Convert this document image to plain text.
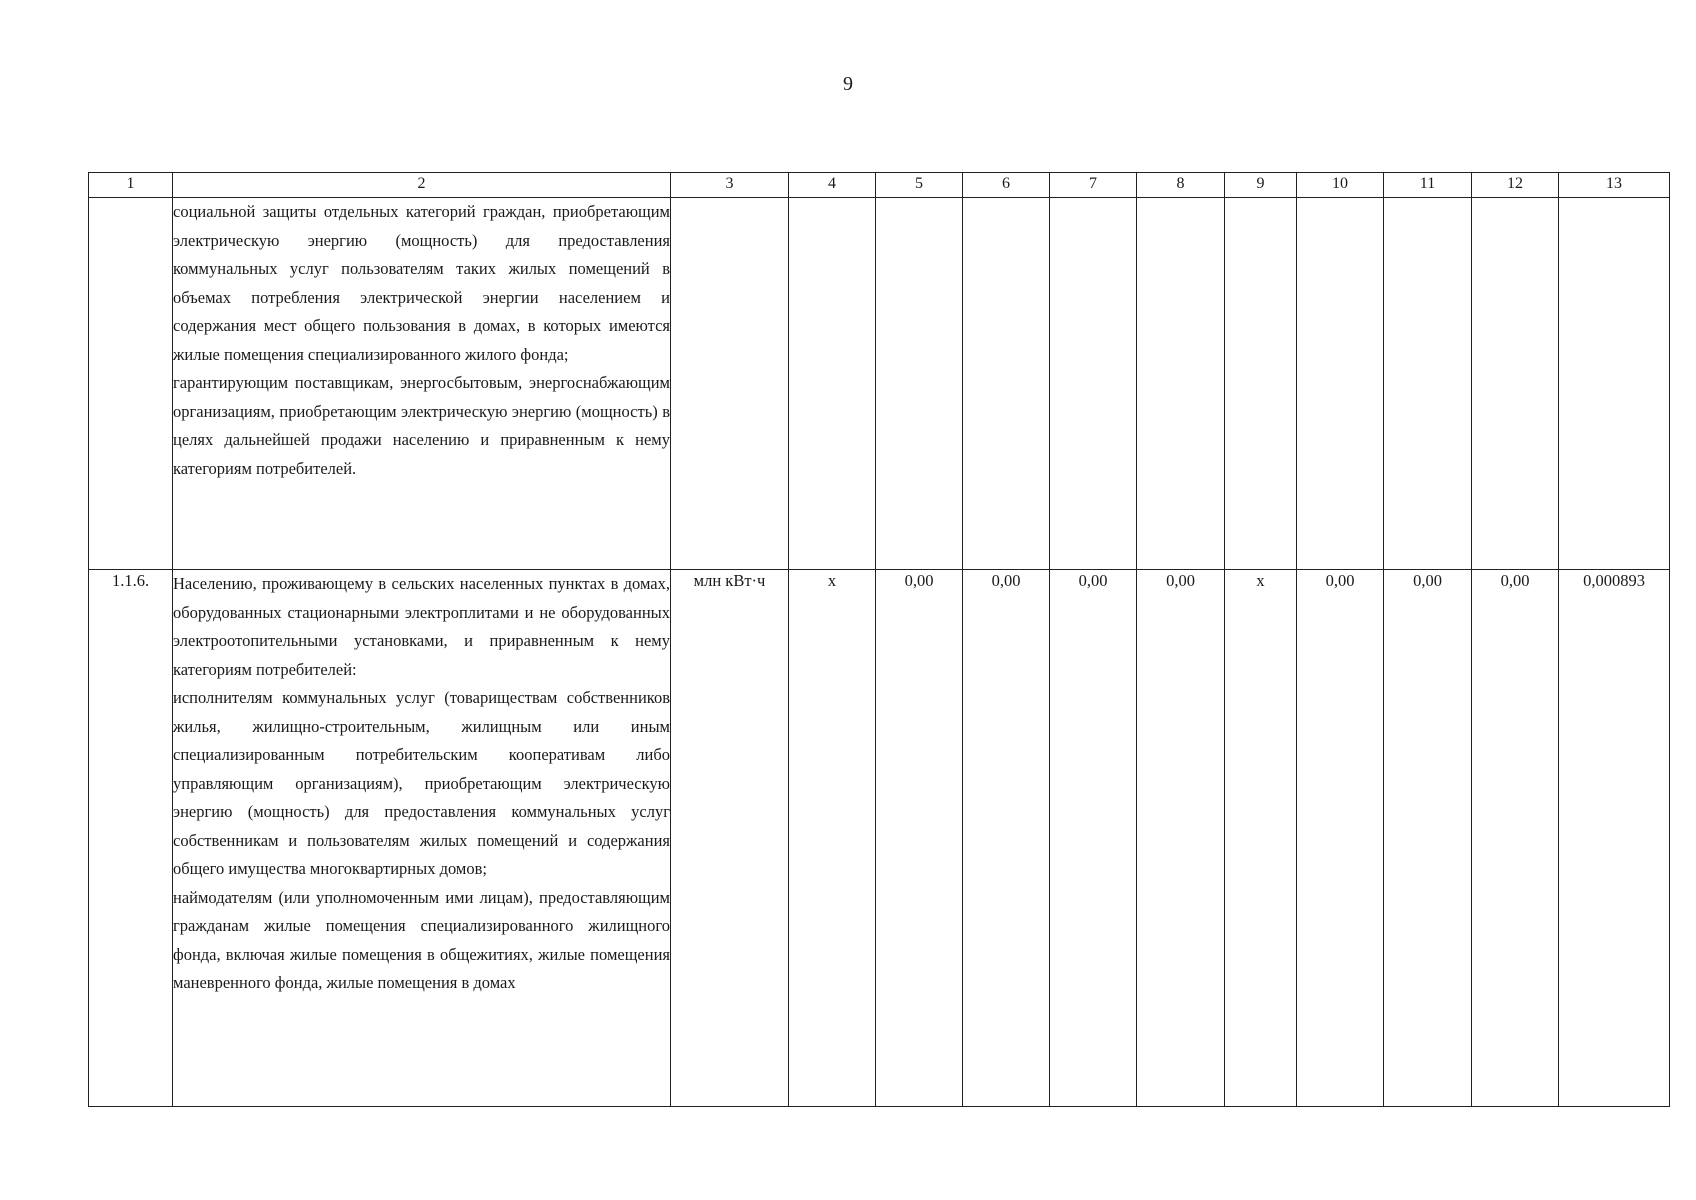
9
1	2	3	4	5	6	7	8	9	10	11	12	13

	социальной защиты отдельных категорий граждан, приобретающим электрическую энергию (мощность) для предоставления коммунальных услуг пользователям таких жилых помещений в объемах потребления электрической энергии населением и содержания мест общего пользования в домах, в которых имеются жилые помещения специализированного жилого фонда;

гарантирующим поставщикам, энергосбытовым, энергоснабжающим организациям, приобретающим электрическую энергию (мощность) в целях дальнейшей продажи населению и приравненным к нему категориям потребителей.											

1.1.6.	Населению, проживающему в сельских населенных пунктах в домах, оборудованных стационарными электроплитами и не оборудованных электроотопительными установками, и приравненным к нему категориям потребителей:

исполнителям коммунальных услуг (товариществам собственников жилья, жилищно-строительным, жилищным или иным специализированным потребительским кооперативам либо управляющим организациям), приобретающим электрическую энергию (мощность) для предоставления коммунальных услуг собственникам и пользователям жилых помещений и содержания общего имущества многоквартирных домов;

наймодателям (или уполномоченным ими лицам), предоставляющим гражданам жилые помещения специализированного жилищного фонда, включая жилые помещения в общежитиях, жилые помещения маневренного фонда, жилые помещения в домах	млн кВт·ч	х	0,00	0,00	0,00	0,00	х	0,00	0,00	0,00	0,000893
